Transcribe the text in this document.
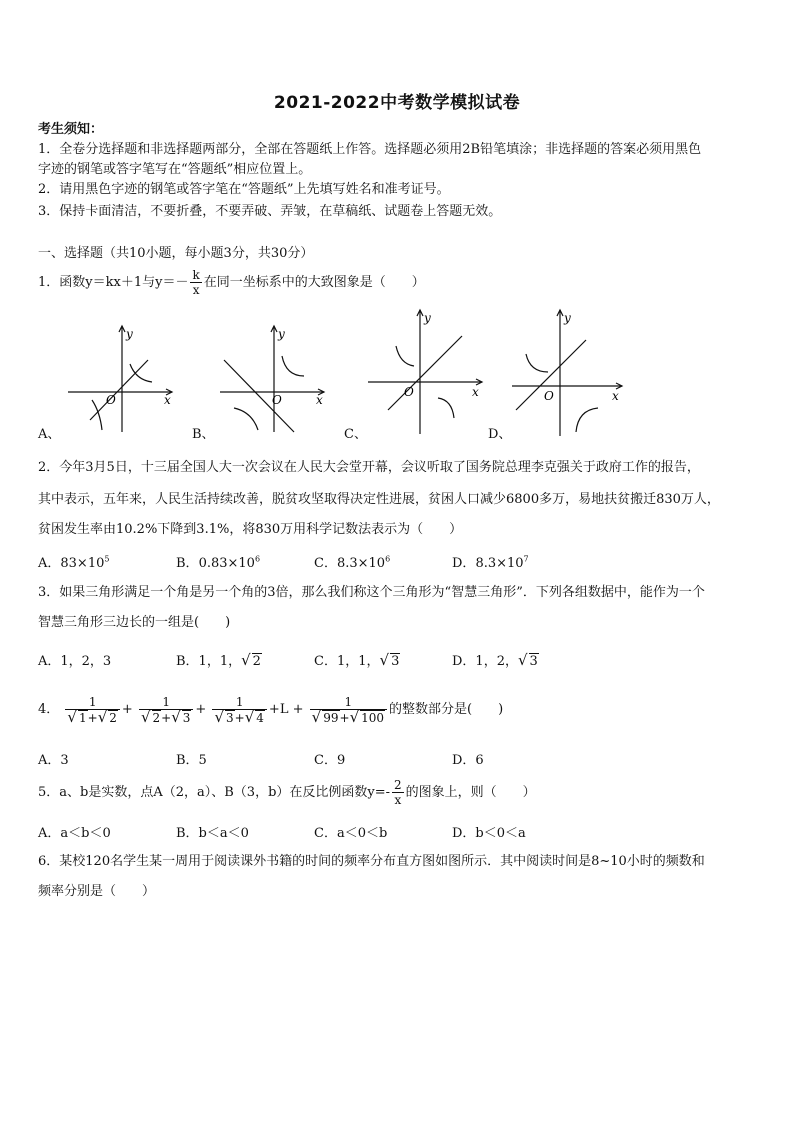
2021-2022中考数学模拟试卷
考生须知：
1．全卷分选择题和非选择题两部分，全部在答题纸上作答。选择题必须用2B铅笔填涂；非选择题的答案必须用黑色
字迹的钢笔或答字笔写在“答题纸”相应位置上。
2．请用黑色字迹的钢笔或答字笔在“答题纸”上先填写姓名和准考证号。
3．保持卡面清洁，不要折叠，不要弄破、弄皱，在草稿纸、试题卷上答题无效。
一、选择题（共10小题，每小题3分，共30分）
1．函数y＝kx＋1与$y=- \frac{k}{x}$ 在同一坐标系中的大致图象是（　　）
y
x
O
A、
y
x
O
B、
y
x
O
C、
y
x
O
D、
2．今年3月5日，十三届全国人大一次会议在人民大会堂开幕，会议听取了国务院总理李克强关于政府工作的报告，
其中表示，五年来，人民生活持续改善，脱贫攻坚取得决定性进展，贫困人口减少6800多万，易地扶贫搬迁830万人，
贫困发生率由10.2%下降到3.1%，将830万用科学记数法表示为（　　）
A．$83\times 10^5$	B．$0.83\times 10^6$	C．$8.3\times 10^6$	D．$8.3\times 10^7$
3．如果三角形满足一个角是另一个角的3倍，那么我们称这个三角形为“智慧三角形”．下列各组数据中，能作为一个
智慧三角形三边长的一组是(　　)
A．1，2，3	B．1，1，√ 2	C．1，1，√ 3	D．1，2，√ 3
4． $\frac{1}{√ 1+√ 2} + \frac{1}{√ 2+√ 3} + \frac{1}{√ 3+√ 4} +L + \frac{1}{√ 99+√ 100}$ 的整数部分是(　　)
A．3	B．5	C．9	D．6
5．a、b是实数，点A（2，a）、B（3，b）在反比例函数$y=- \frac{2}{x}$ 的图象上，则（　　）
A．a＜b＜0	B．b＜a＜0	C．a＜0＜b	D．b＜0＜a
6．某校120名学生某一周用于阅读课外书籍的时间的频率分布直方图如图所示．其中阅读时间是8~10小时的频数和
频率分别是（　　）
